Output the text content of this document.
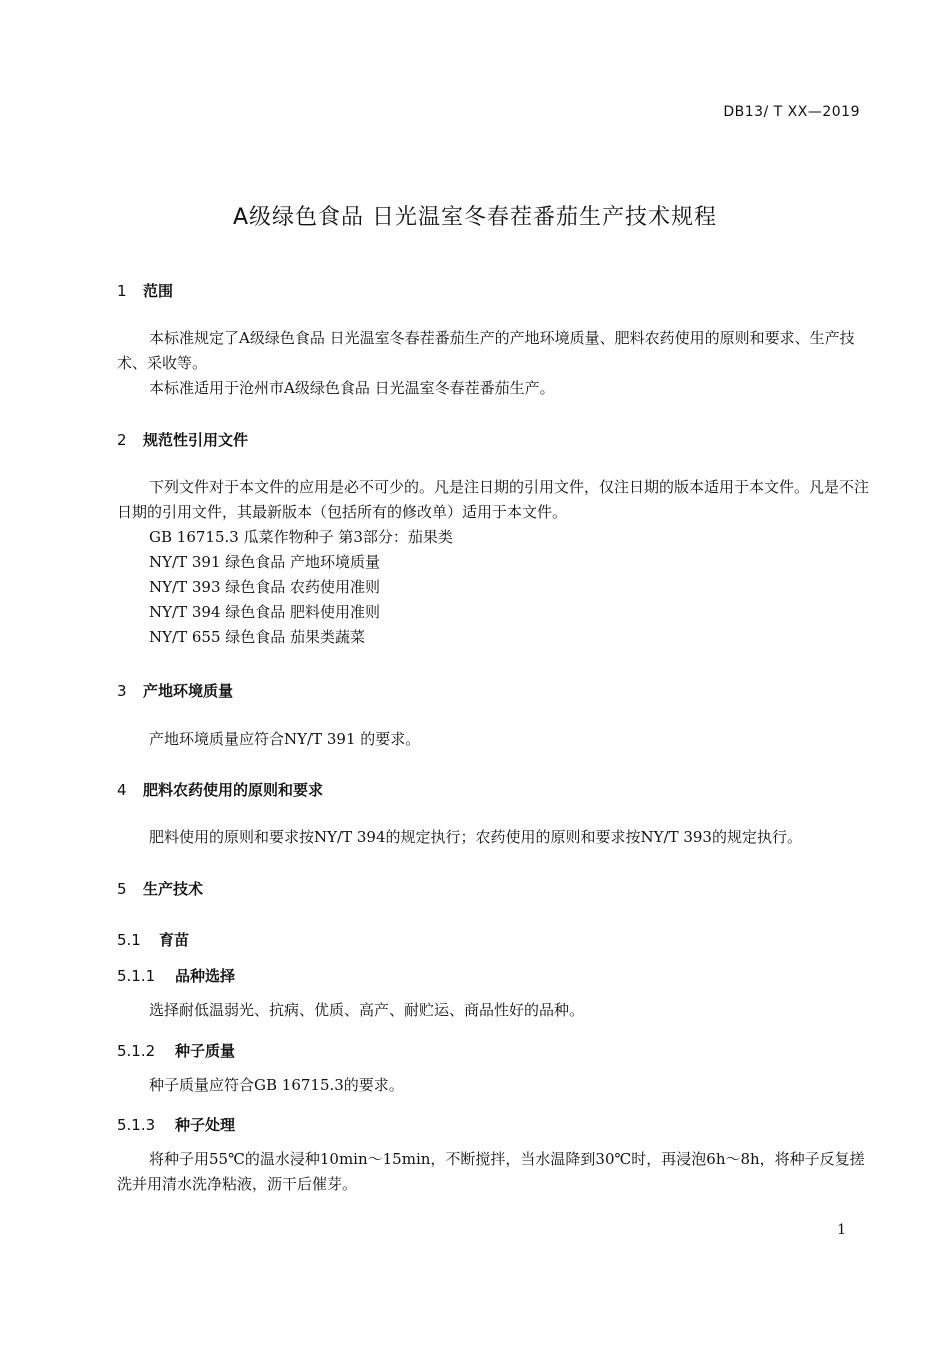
DB13/ T XX—2019
A级绿色食品 日光温室冬春茬番茄生产技术规程
1 范围
本标准规定了A级绿色食品 日光温室冬春茬番茄生产的产地环境质量、肥料农药使用的原则和要求、生产技术、采收等。
本标准适用于沧州市A级绿色食品 日光温室冬春茬番茄生产。
2 规范性引用文件
下列文件对于本文件的应用是必不可少的。凡是注日期的引用文件，仅注日期的版本适用于本文件。凡是不注日期的引用文件，其最新版本（包括所有的修改单）适用于本文件。
GB 16715.3 瓜菜作物种子 第3部分：茄果类
NY/T 391 绿色食品 产地环境质量
NY/T 393 绿色食品 农药使用准则
NY/T 394 绿色食品 肥料使用准则
NY/T 655 绿色食品 茄果类蔬菜
3 产地环境质量
产地环境质量应符合NY/T 391 的要求。
4 肥料农药使用的原则和要求
肥料使用的原则和要求按NY/T 394的规定执行；农药使用的原则和要求按NY/T 393的规定执行。
5 生产技术
5.1 育苗
5.1.1 品种选择
选择耐低温弱光、抗病、优质、高产、耐贮运、商品性好的品种。
5.1.2 种子质量
种子质量应符合GB 16715.3的要求。
5.1.3 种子处理
将种子用55℃的温水浸种10min～15min，不断搅拌，当水温降到30℃时，再浸泡6h～8h，将种子反复搓洗并用清水洗净粘液，沥干后催芽。
1
